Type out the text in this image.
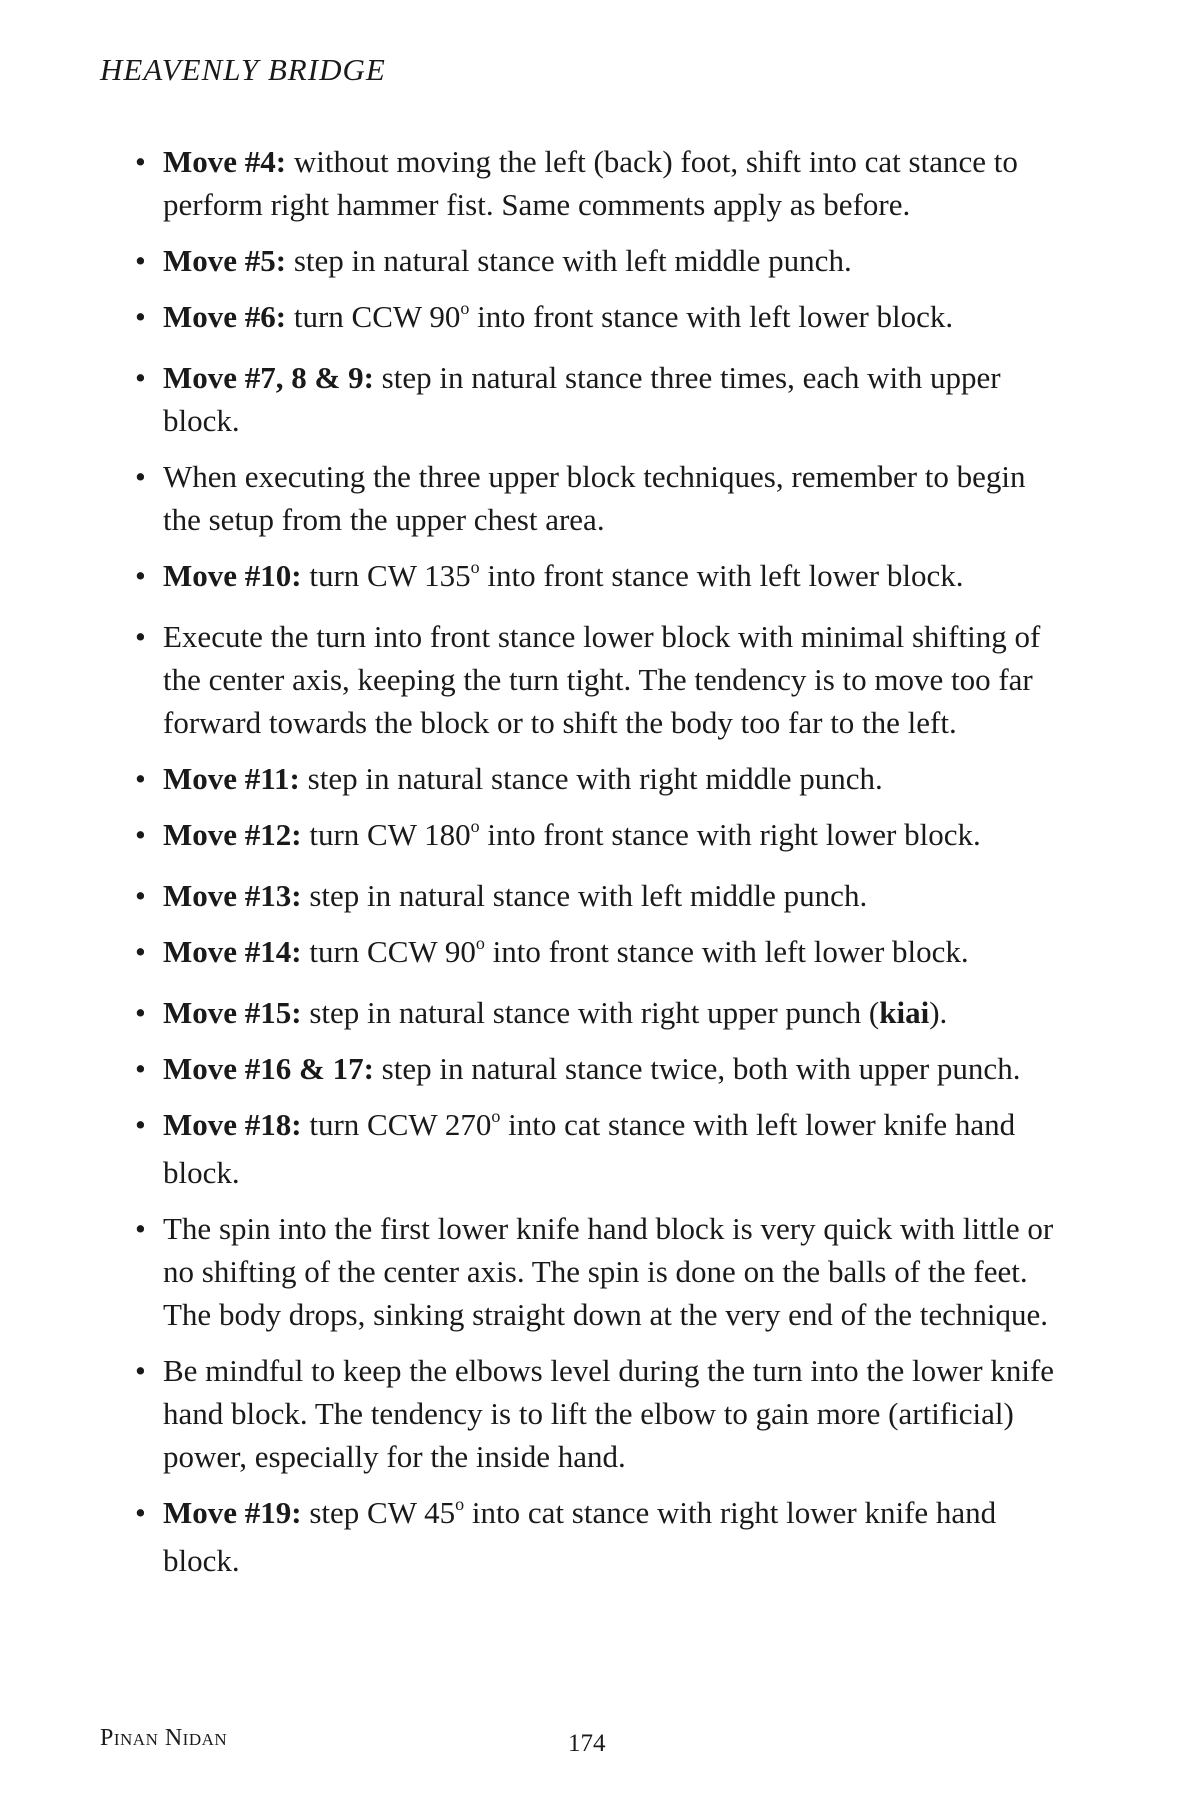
HEAVENLY BRIDGE
• Move #4: without moving the left (back) foot, shift into cat stance to perform right hammer fist. Same comments apply as before.
• Move #5: step in natural stance with left middle punch.
• Move #6: turn CCW 90$^o$ into front stance with left lower block.
• Move #7, 8 & 9: step in natural stance three times, each with upper block.
• When executing the three upper block techniques, remember to begin the setup from the upper chest area.
• Move #10: turn CW 135$^o$ into front stance with left lower block.
• Execute the turn into front stance lower block with minimal shifting of the center axis, keeping the turn tight. The tendency is to move too far forward towards the block or to shift the body too far to the left.
• Move #11: step in natural stance with right middle punch.
• Move #12: turn CW 180$^o$ into front stance with right lower block.
• Move #13: step in natural stance with left middle punch.
• Move #14: turn CCW 90$^o$ into front stance with left lower block.
• Move #15: step in natural stance with right upper punch (kiai).
• Move #16 & 17: step in natural stance twice, both with upper punch.
• Move #18: turn CCW 270$^o$ into cat stance with left lower knife hand block.
• The spin into the first lower knife hand block is very quick with little or no shifting of the center axis. The spin is done on the balls of the feet. The body drops, sinking straight down at the very end of the technique.
• Be mindful to keep the elbows level during the turn into the lower knife hand block. The tendency is to lift the elbow to gain more (artificial) power, especially for the inside hand.
• Move #19: step CW 45$^o$ into cat stance with right lower knife hand block.
Pinan Nidan	174
